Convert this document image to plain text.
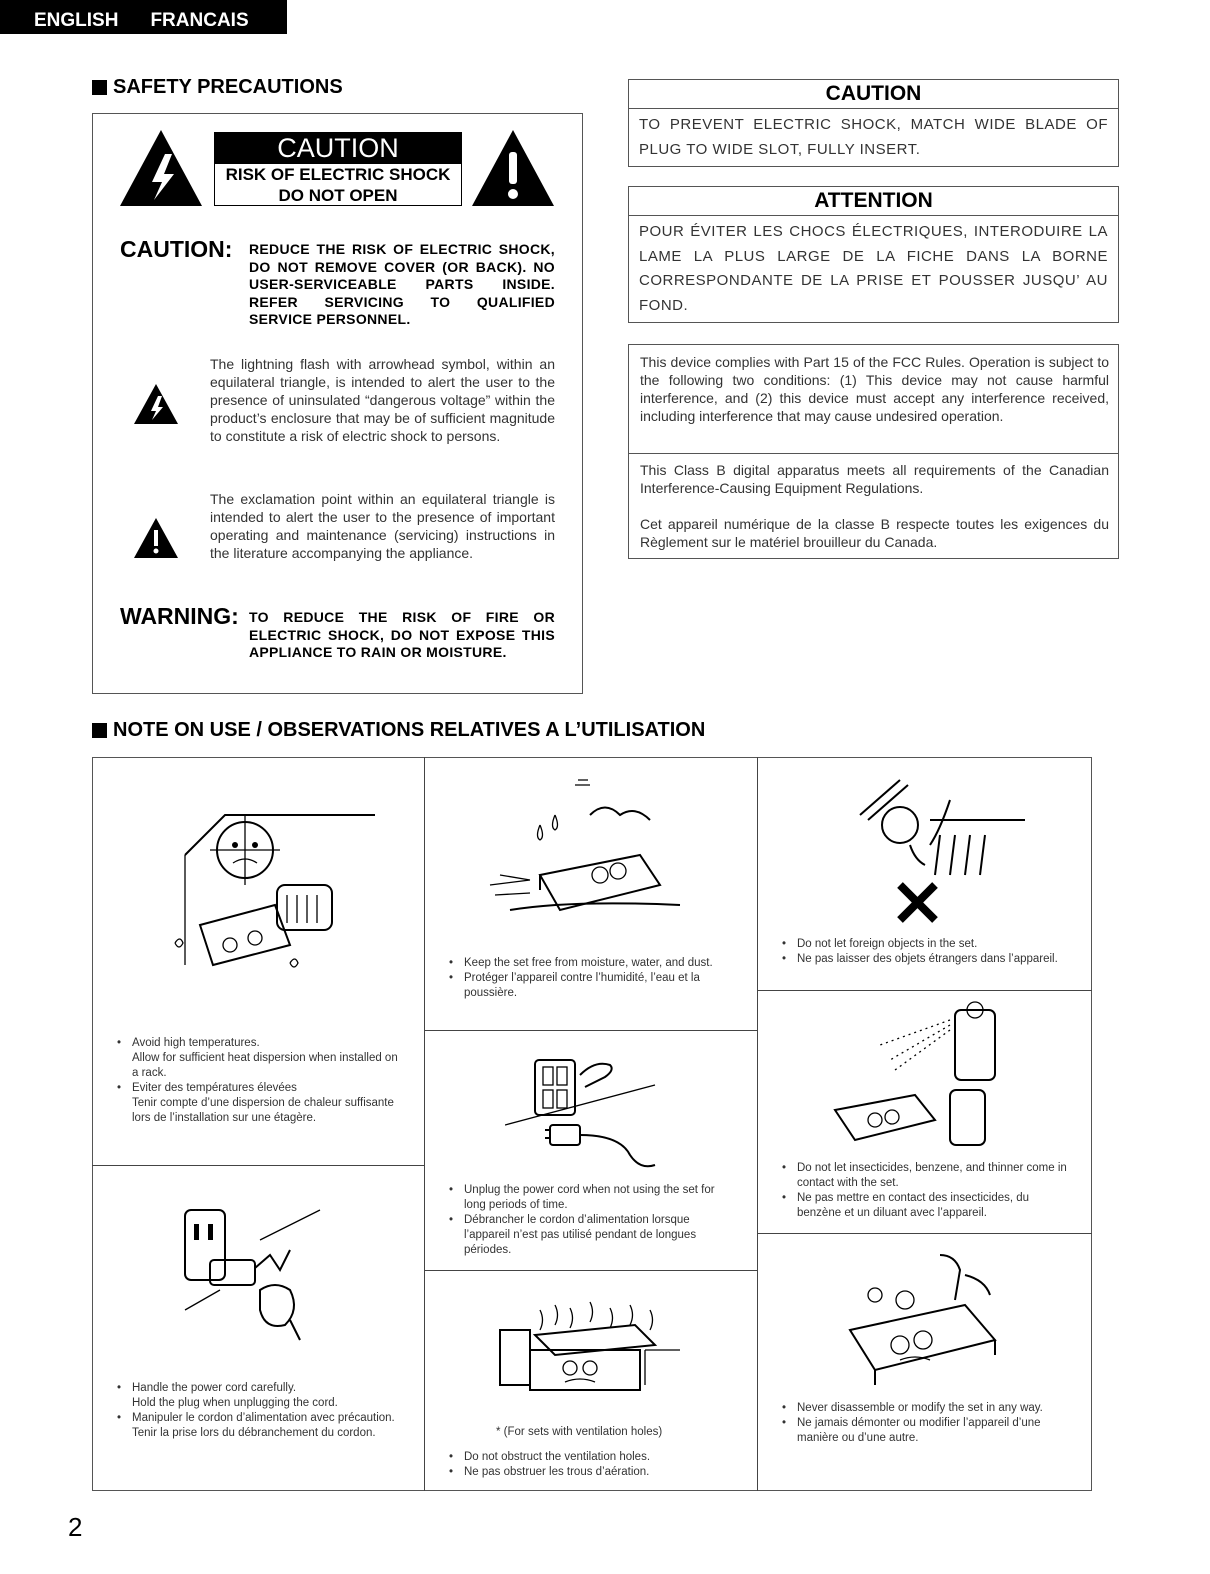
ENGLISH FRANCAIS
SAFETY PRECAUTIONS
CAUTION
RISK OF ELECTRIC SHOCK
DO NOT OPEN
CAUTION: REDUCE THE RISK OF ELECTRIC SHOCK, DO NOT REMOVE COVER (OR BACK). NO USER-SERVICEABLE PARTS INSIDE. REFER SERVICING TO QUALIFIED SERVICE PERSONNEL.
The lightning flash with arrowhead symbol, within an equilateral triangle, is intended to alert the user to the presence of uninsulated “dangerous voltage” within the product’s enclosure that may be of sufficient magnitude to constitute a risk of electric shock to persons.
The exclamation point within an equilateral triangle is intended to alert the user to the presence of important operating and maintenance (servicing) instructions in the literature accompanying the appliance.
WARNING: TO REDUCE THE RISK OF FIRE OR ELECTRIC SHOCK, DO NOT EXPOSE THIS APPLIANCE TO RAIN OR MOISTURE.
CAUTION
TO PREVENT ELECTRIC SHOCK, MATCH WIDE BLADE OF PLUG TO WIDE SLOT, FULLY INSERT.
ATTENTION
POUR ÉVITER LES CHOCS ÉLECTRIQUES, INTERODUIRE LA LAME LA PLUS LARGE DE LA FICHE DANS LA BORNE CORRESPONDANTE DE LA PRISE ET POUSSER JUSQU’ AU FOND.
This device complies with Part 15 of the FCC Rules. Operation is subject to the following two conditions: (1) This device may not cause harmful interference, and (2) this device must accept any interference received, including interference that may cause undesired operation.
This Class B digital apparatus meets all requirements of the Canadian Interference-Causing Equipment Regulations.
Cet appareil numérique de la classe B respecte toutes les exigences du Règlement sur le matériel brouilleur du Canada.
NOTE ON USE / OBSERVATIONS RELATIVES A L’UTILISATION
• Avoid high temperatures.
Allow for sufficient heat dispersion when installed on a rack.
• Eviter des températures élevées
Tenir compte d’une dispersion de chaleur suffisante lors de l’installation sur une étagère.
• Handle the power cord carefully.
Hold the plug when unplugging the cord.
• Manipuler le cordon d’alimentation avec précaution.
Tenir la prise lors du débranchement du cordon.
• Keep the set free from moisture, water, and dust.
• Protéger l’appareil contre l’humidité, l’eau et la poussière.
• Unplug the power cord when not using the set for long periods of time.
• Débrancher le cordon d’alimentation lorsque l’appareil n’est pas utilisé pendant de longues périodes.
* (For sets with ventilation holes)
• Do not obstruct the ventilation holes.
• Ne pas obstruer les trous d’aération.
• Do not let foreign objects in the set.
• Ne pas laisser des objets étrangers dans l’appareil.
• Do not let insecticides, benzene, and thinner come in contact with the set.
• Ne pas mettre en contact des insecticides, du benzène et un diluant avec l’appareil.
• Never disassemble or modify the set in any way.
• Ne jamais démonter ou modifier l’appareil d’une manière ou d’une autre.
2
